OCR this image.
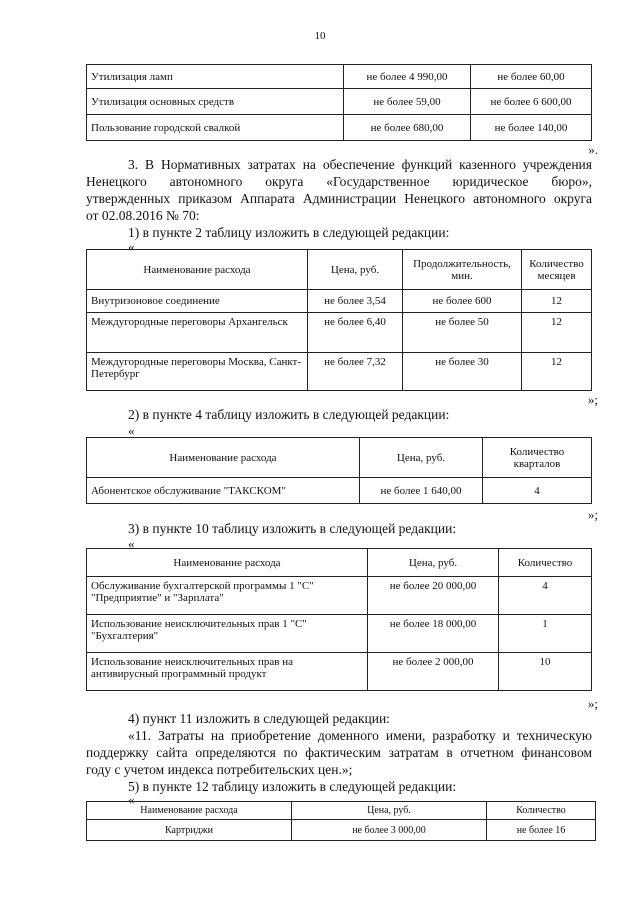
10
Утилизация ламп	не более 4 990,00	не более 60,00
Утилизация основных средств	не более 59,00	не более 6 600,00
Пользование городской свалкой	не более 680,00	не более 140,00
».
3. В Нормативных затратах на обеспечение функций казенного учреждения
Ненецкого автономного округа «Государственное юридическое бюро»,
утвержденных приказом Аппарата Администрации Ненецкого автономного округа
от 02.08.2016 № 70:
1) в пункте 2 таблицу изложить в следующей редакции:
«
Наименование расхода	Цена, руб.	Продолжительность, мин.	Количество месяцев
Внутризоновое соединение	не более 3,54	не более 600	12
Междугородные переговоры Архангельск	не более 6,40	не более 50	12
Междугородные переговоры Москва, Санкт-Петербург	не более 7,32	не более 30	12
»;
2) в пункте 4 таблицу изложить в следующей редакции:
«
Наименование расхода	Цена, руб.	Количество кварталов
Абонентское обслуживание "ТАКСКОМ"	не более 1 640,00	4
»;
3) в пункте 10 таблицу изложить в следующей редакции:
«
Наименование расхода	Цена, руб.	Количество
Обслуживание бухгалтерской программы 1 "С" "Предприятие" и "Зарплата"	не более 20 000,00	4
Использование неисключительных прав 1 "С" "Бухгалтерия"	не более 18 000,00	1
Использование неисключительных прав на антивирусный программный продукт	не более 2 000,00	10
»;
4) пункт 11 изложить в следующей редакции:
«11. Затраты на приобретение доменного имени, разработку и техническую
поддержку сайта определяются по фактическим затратам в отчетном финансовом
году с учетом индекса потребительских цен.»;
5) в пункте 12 таблицу изложить в следующей редакции:
«
Наименование расхода	Цена, руб.	Количество
Картриджи	не более 3 000,00	не более 16
